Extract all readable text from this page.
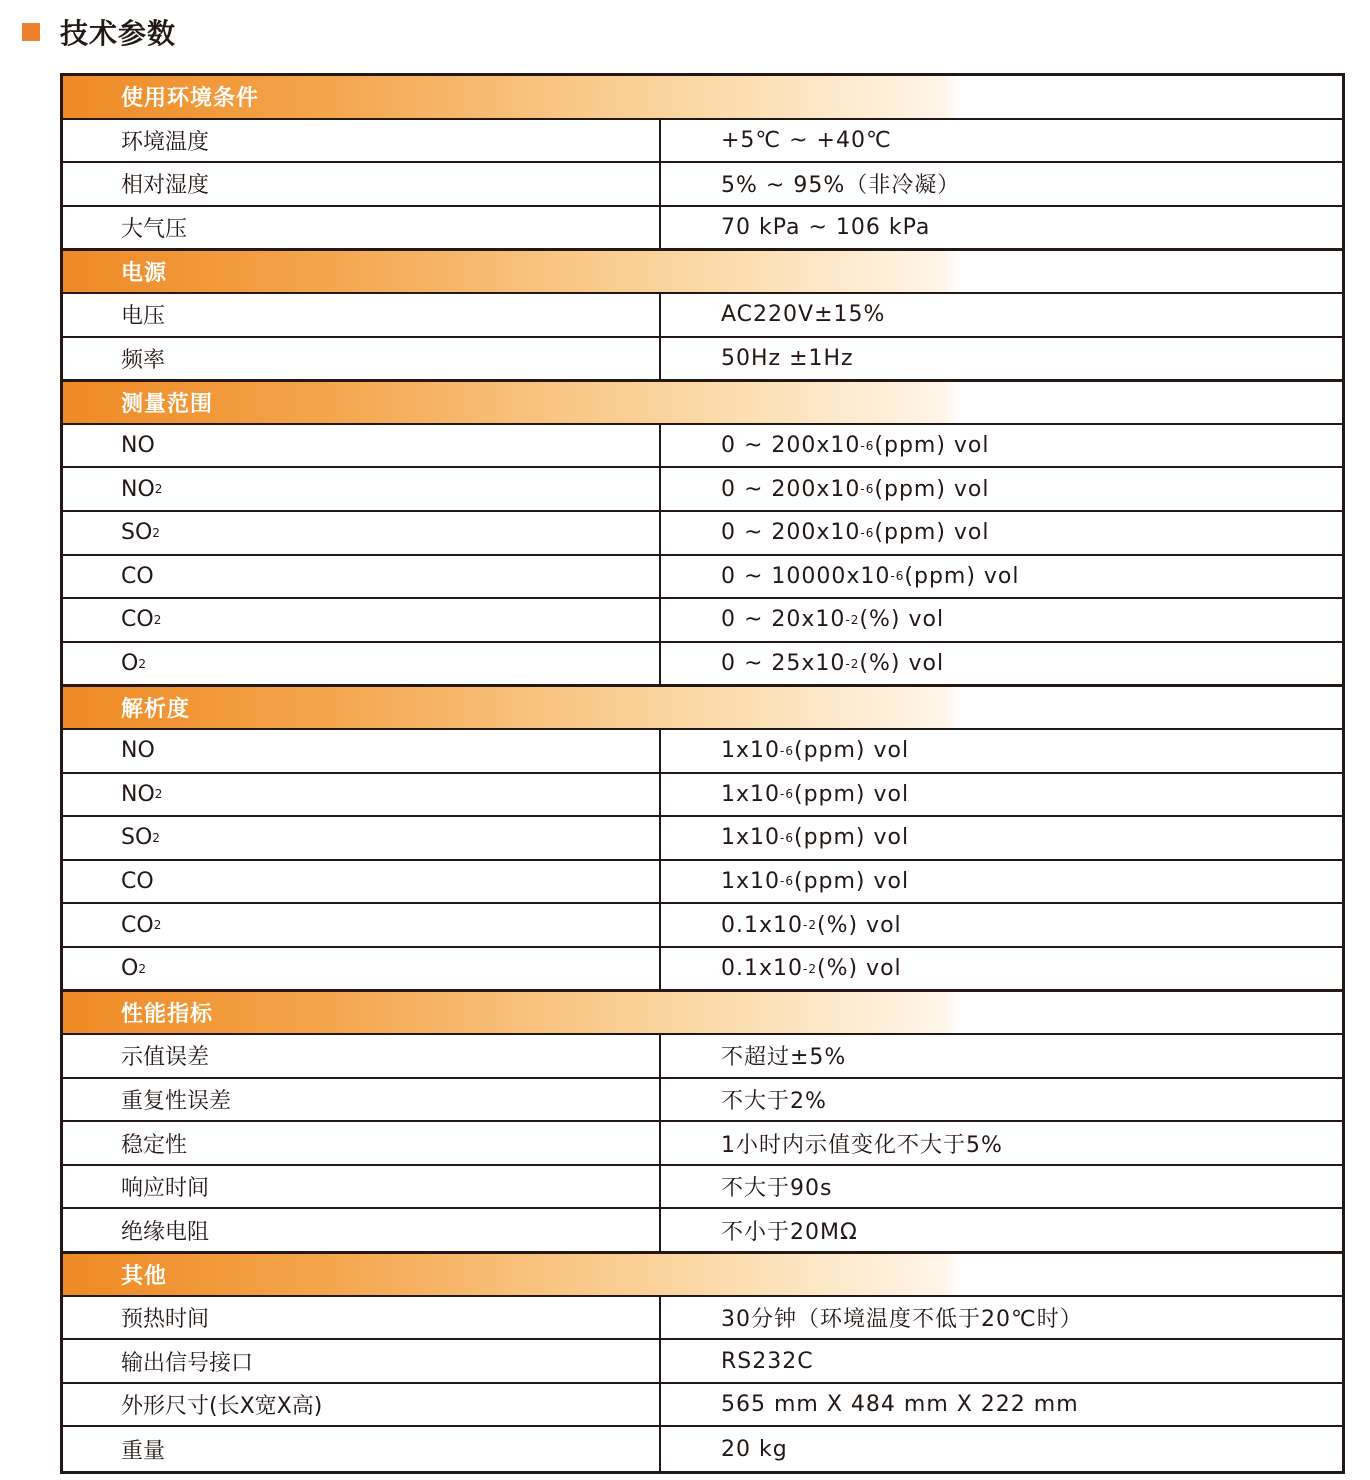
技术参数
使用环境条件
环境温度	+5℃ ~ +40℃
相对湿度	5% ~ 95%（非冷凝）
大气压	70 kPa ~ 106 kPa
电源
电压	AC220V±15%
频率	50Hz ±1Hz
测量范围
NO	0 ~ 200x10 -6 (ppm) vol
NO 2	0 ~ 200x10 -6 (ppm) vol
SO 2	0 ~ 200x10 -6 (ppm) vol
CO	0 ~ 10000x10 -6 (ppm) vol
CO 2	0 ~ 20x10 -2 (%) vol
O 2	0 ~ 25x10 -2 (%) vol
解析度
NO	1x10 -6 (ppm) vol
NO 2	1x10 -6 (ppm) vol
SO 2	1x10 -6 (ppm) vol
CO	1x10 -6 (ppm) vol
CO 2	0.1x10 -2 (%) vol
O 2	0.1x10 -2 (%) vol
性能指标
示值误差	不超过±5%
重复性误差	不大于2%
稳定性	1小时内示值变化不大于5%
响应时间	不大于90s
绝缘电阻	不小于20MΩ
其他
预热时间	30分钟（环境温度不低于20℃时）
输出信号接口	RS232C
外形尺寸(长X宽X高)	565 mm X 484 mm X 222 mm
重量	20 kg
